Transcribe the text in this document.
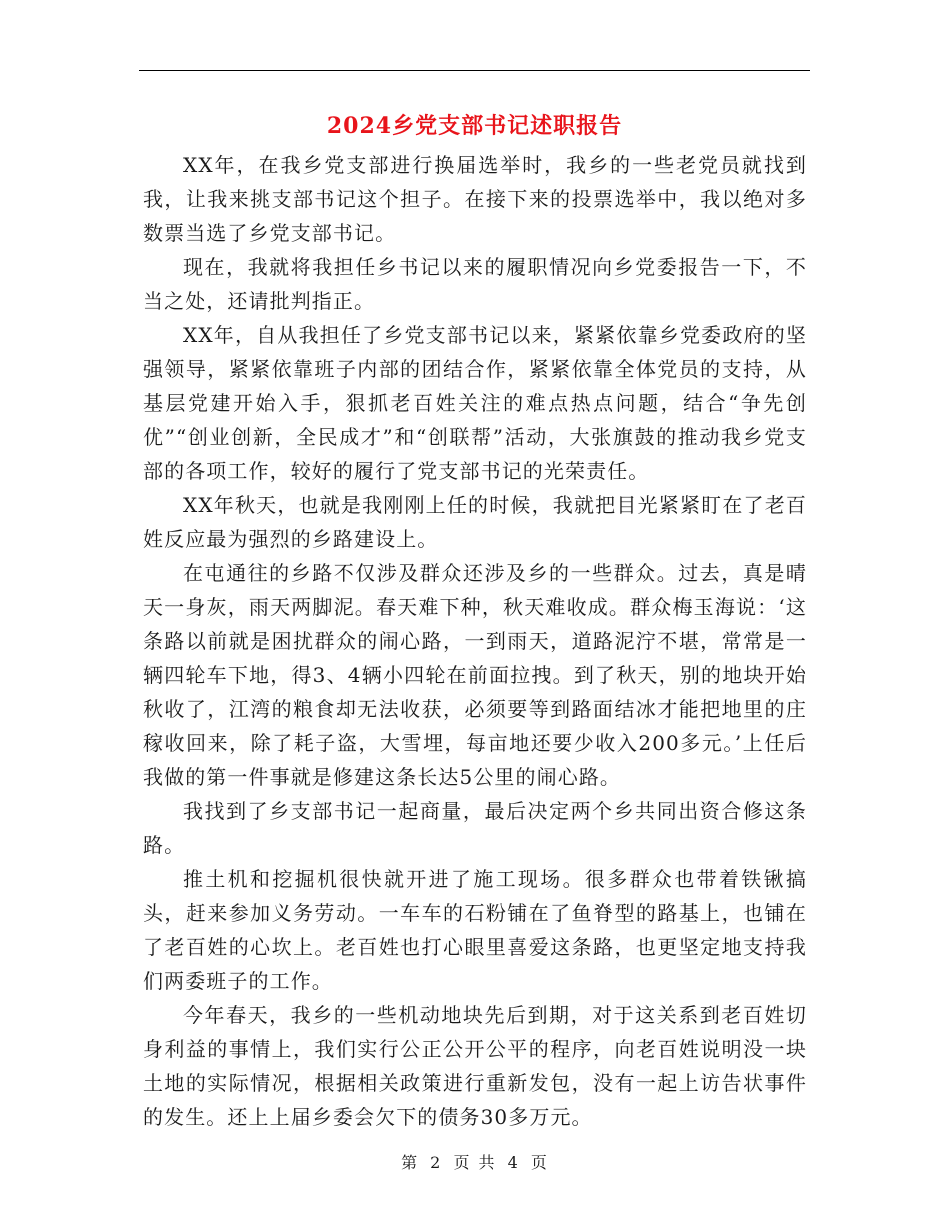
2024乡党支部书记述职报告

XX年，在我乡党支部进行换届选举时，我乡的一些老党员就找到我，让我来挑支部书记这个担子。在接下来的投票选举中，我以绝对多数票当选了乡党支部书记。

现在，我就将我担任乡书记以来的履职情况向乡党委报告一下，不当之处，还请批判指正。

XX年，自从我担任了乡党支部书记以来，紧紧依靠乡党委政府的坚强领导，紧紧依靠班子内部的团结合作，紧紧依靠全体党员的支持，从基层党建开始入手，狠抓老百姓关注的难点热点问题，结合“争先创优”“创业创新，全民成才”和“创联帮”活动，大张旗鼓的推动我乡党支部的各项工作，较好的履行了党支部书记的光荣责任。

XX年秋天，也就是我刚刚上任的时候，我就把目光紧紧盯在了老百姓反应最为强烈的乡路建设上。

在屯通往的乡路不仅涉及群众还涉及乡的一些群众。过去，真是晴天一身灰，雨天两脚泥。春天难下种，秋天难收成。群众梅玉海说：‘这条路以前就是困扰群众的闹心路，一到雨天，道路泥泞不堪，常常是一辆四轮车下地，得3、4辆小四轮在前面拉拽。到了秋天，别的地块开始秋收了，江湾的粮食却无法收获，必须要等到路面结冰才能把地里的庄稼收回来，除了耗子盗，大雪埋，每亩地还要少收入200多元。’上任后我做的第一件事就是修建这条长达5公里的闹心路。

我找到了乡支部书记一起商量，最后决定两个乡共同出资合修这条路。

推土机和挖掘机很快就开进了施工现场。很多群众也带着铁锹搞头，赶来参加义务劳动。一车车的石粉铺在了鱼脊型的路基上，也铺在了老百姓的心坎上。老百姓也打心眼里喜爱这条路，也更坚定地支持我们两委班子的工作。

今年春天，我乡的一些机动地块先后到期，对于这关系到老百姓切身利益的事情上，我们实行公正公开公平的程序，向老百姓说明没一块土地的实际情况，根据相关政策进行重新发包，没有一起上访告状事件的发生。还上上届乡委会欠下的债务30多万元。

第 2 页 共 4 页
